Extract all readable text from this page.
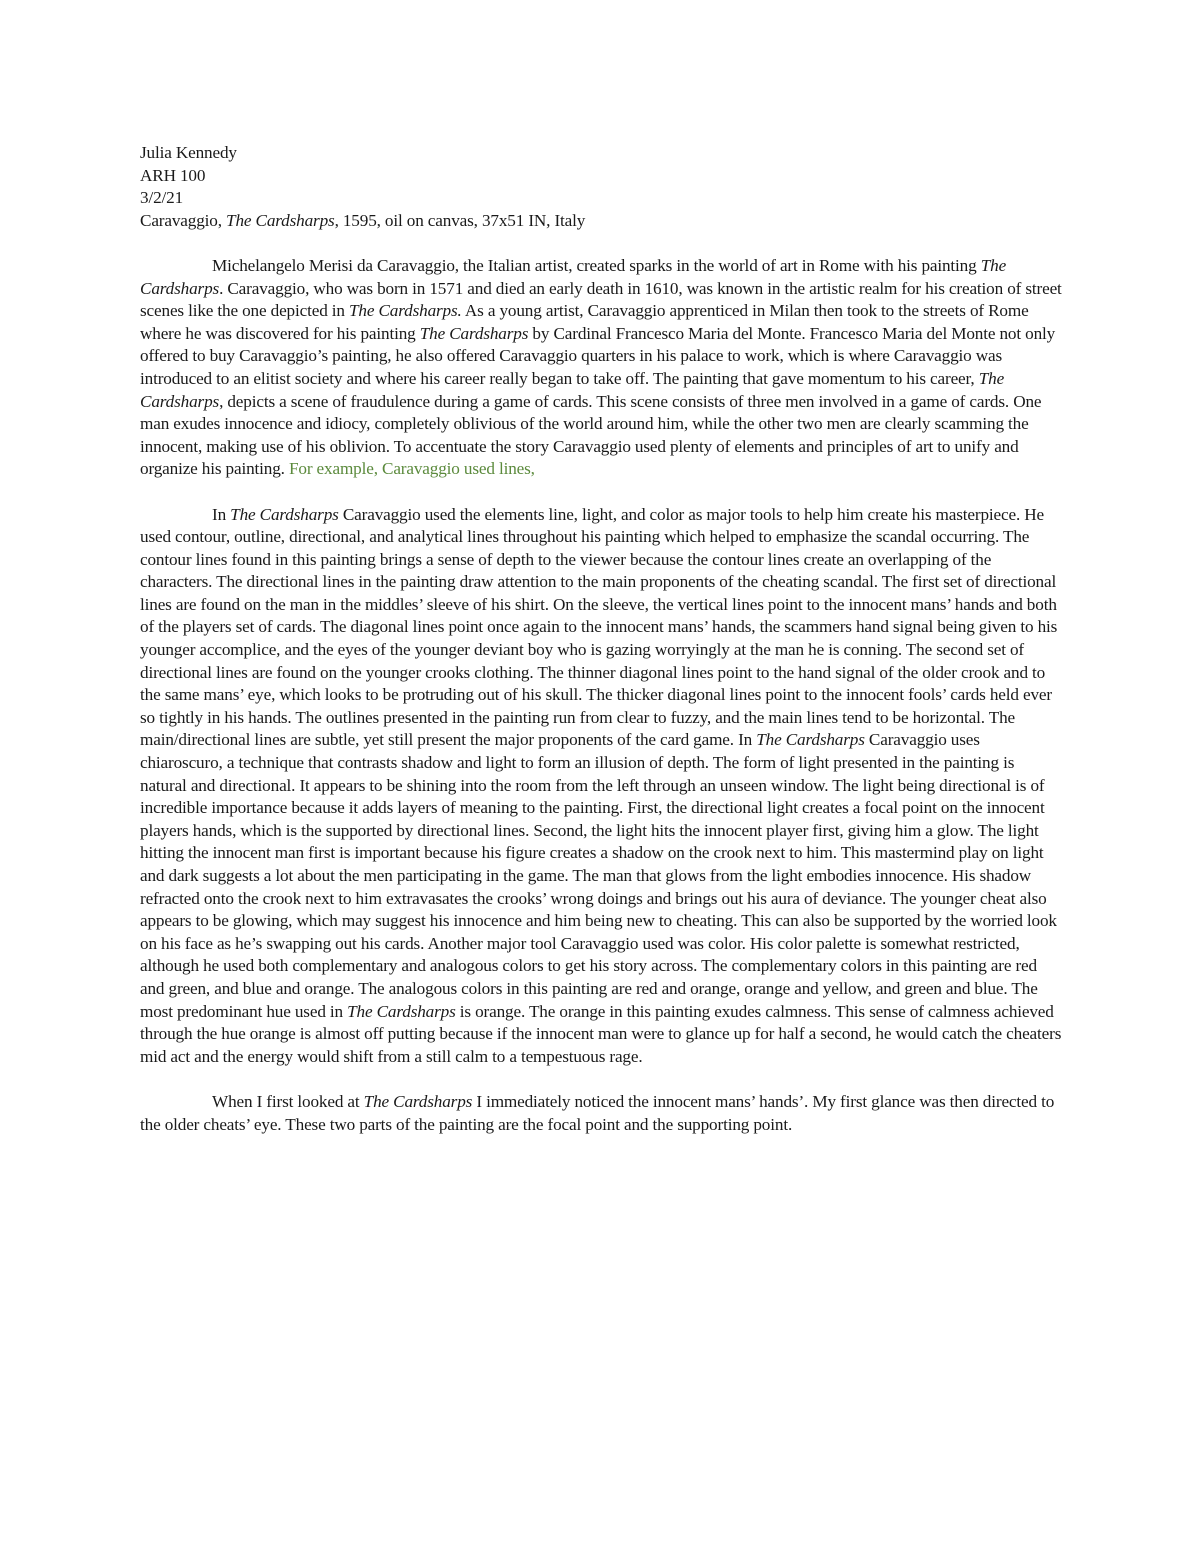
Julia Kennedy

ARH 100

3/2/21

Caravaggio, The Cardsharps, 1595, oil on canvas, 37x51 IN, Italy

Michelangelo Merisi da Caravaggio, the Italian artist, created sparks in the world of art in Rome with his painting The Cardsharps. Caravaggio, who was born in 1571 and died an early death in 1610, was known in the artistic realm for his creation of street scenes like the one depicted in The Cardsharps. As a young artist, Caravaggio apprenticed in Milan then took to the streets of Rome where he was discovered for his painting The Cardsharps by Cardinal Francesco Maria del Monte. Francesco Maria del Monte not only offered to buy Caravaggio’s painting, he also offered Caravaggio quarters in his palace to work, which is where Caravaggio was introduced to an elitist society and where his career really began to take off. The painting that gave momentum to his career, The Cardsharps, depicts a scene of fraudulence during a game of cards. This scene consists of three men involved in a game of cards. One man exudes innocence and idiocy, completely oblivious of the world around him, while the other two men are clearly scamming the innocent, making use of his oblivion. To accentuate the story Caravaggio used plenty of elements and principles of art to unify and organize his painting. For example, Caravaggio used lines,

In The Cardsharps Caravaggio used the elements line, light, and color as major tools to help him create his masterpiece. He used contour, outline, directional, and analytical lines throughout his painting which helped to emphasize the scandal occurring. The contour lines found in this painting brings a sense of depth to the viewer because the contour lines create an overlapping of the characters. The directional lines in the painting draw attention to the main proponents of the cheating scandal. The first set of directional lines are found on the man in the middles’ sleeve of his shirt. On the sleeve, the vertical lines point to the innocent mans’ hands and both of the players set of cards. The diagonal lines point once again to the innocent mans’ hands, the scammers hand signal being given to his younger accomplice, and the eyes of the younger deviant boy who is gazing worryingly at the man he is conning. The second set of directional lines are found on the younger crooks clothing. The thinner diagonal lines point to the hand signal of the older crook and to the same mans’ eye, which looks to be protruding out of his skull. The thicker diagonal lines point to the innocent fools’ cards held ever so tightly in his hands. The outlines presented in the painting run from clear to fuzzy, and the main lines tend to be horizontal. The main/directional lines are subtle, yet still present the major proponents of the card game. In The Cardsharps Caravaggio uses chiaroscuro, a technique that contrasts shadow and light to form an illusion of depth. The form of light presented in the painting is natural and directional. It appears to be shining into the room from the left through an unseen window. The light being directional is of incredible importance because it adds layers of meaning to the painting. First, the directional light creates a focal point on the innocent players hands, which is the supported by directional lines. Second, the light hits the innocent player first, giving him a glow. The light hitting the innocent man first is important because his figure creates a shadow on the crook next to him. This mastermind play on light and dark suggests a lot about the men participating in the game. The man that glows from the light embodies innocence. His shadow refracted onto the crook next to him extravasates the crooks’ wrong doings and brings out his aura of deviance. The younger cheat also appears to be glowing, which may suggest his innocence and him being new to cheating. This can also be supported by the worried look on his face as he’s swapping out his cards. Another major tool Caravaggio used was color. His color palette is somewhat restricted, although he used both complementary and analogous colors to get his story across. The complementary colors in this painting are red and green, and blue and orange. The analogous colors in this painting are red and orange, orange and yellow, and green and blue. The most predominant hue used in The Cardsharps is orange. The orange in this painting exudes calmness. This sense of calmness achieved through the hue orange is almost off putting because if the innocent man were to glance up for half a second, he would catch the cheaters mid act and the energy would shift from a still calm to a tempestuous rage.

When I first looked at The Cardsharps I immediately noticed the innocent mans’ hands’. My first glance was then directed to the older cheats’ eye. These two parts of the painting are the focal point and the supporting point.
